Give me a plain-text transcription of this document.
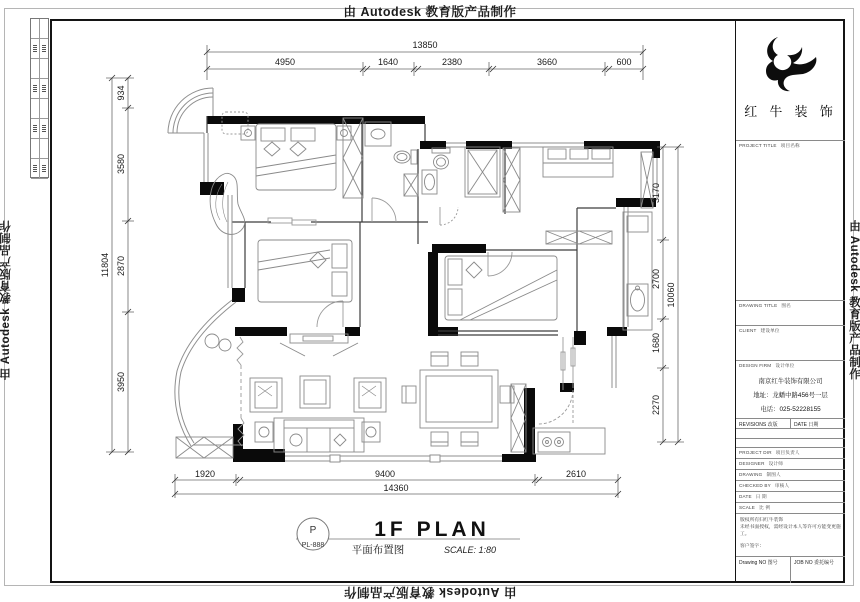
由 Autodesk 教育版产品制作
由 Autodesk 教育版产品制作
由 Autodesk 教育版产品制作	由 Autodesk 教育版产品制作
13850
4950	1640	2380	3660	600
11804
934
3580
2870
3950
10060
3170
2700
1680
2270
14360
1920	9400	2610
P
PL-888
1F PLAN
平面布置图	SCALE: 1:80
红 牛 装 饰
PROJECT TITLE 项目名称
DRAWING TITLE 图名
CLIENT 建设单位
DESIGN FIRM 设计单位
南京红牛装饰有限公司
地址：龙蟠中路456号一层
电话：025-52228155
REVISIONS 改版	DATE 日期
PROJECT DIR 项目负责人
DESIGNER 设计师
DRAWING 制图人
CHECKED BY 审核人
DATE 日 期
SCALE 比 例
版权所有归红牛装饰
未经书面授权，需经设计本人等许可方能变更施工。
客户签字：
Drawing NO 图号	JOB NO 委托编号
